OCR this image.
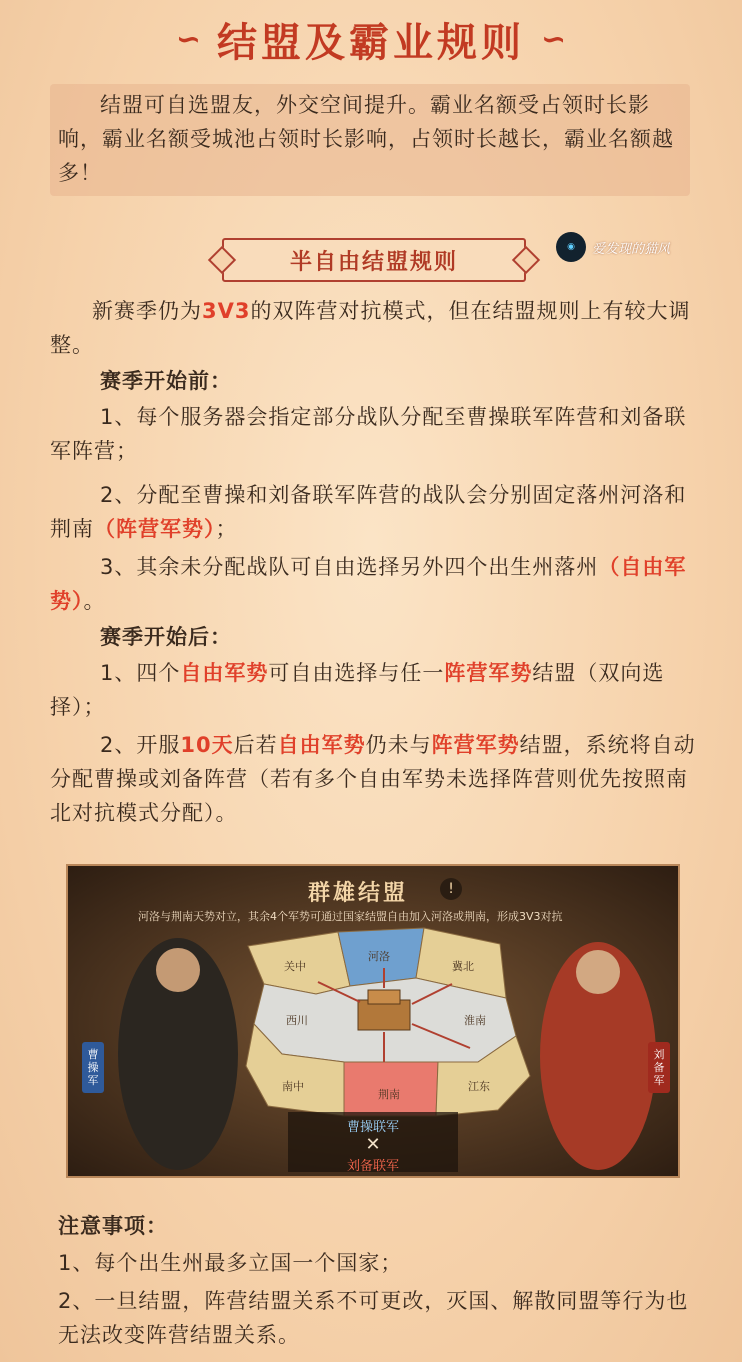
∽ 结盟及霸业规则 ∽
结盟可自选盟友，外交空间提升。霸业名额受占领时长影响，霸业名额受城池占领时长影响，占领时长越长，霸业名额越多！
半自由结盟规则
◉	爱发现的猫风
新赛季仍为3V3的双阵营对抗模式，但在结盟规则上有较大调整。
赛季开始前：
1、每个服务器会指定部分战队分配至曹操联军阵营和刘备联军阵营；
2、分配至曹操和刘备联军阵营的战队会分别固定落州河洛和荆南（阵营军势）；
3、其余未分配战队可自由选择另外四个出生州落州（自由军势）。
赛季开始后：
1、四个自由军势可自由选择与任一阵营军势结盟（双向选择）；
2、开服10天后若自由军势仍未与阵营军势结盟，系统将自动分配曹操或刘备阵营（若有多个自由军势未选择阵营则优先按照南北对抗模式分配）。
群雄结盟	!
河洛与荆南天势对立，其余4个军势可通过国家结盟自由加入河洛或荆南，形成3V3对抗
关中
河洛
冀北
西川	淮南
南中
荆南
江东
曹操联军
✕
刘备联军
曹操军
刘备军
注意事项：
1、每个出生州最多立国一个国家；
2、一旦结盟，阵营结盟关系不可更改，灭国、解散同盟等行为也无法改变阵营结盟关系。
